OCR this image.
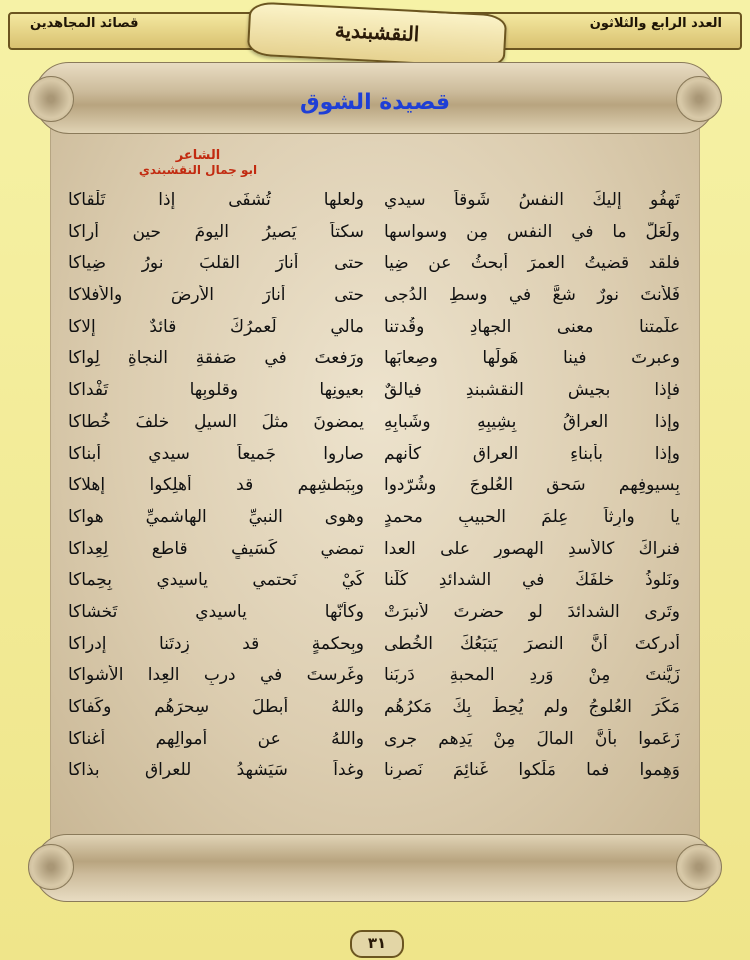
العدد الرابع والثلاثون
قصائد المجاهدين	النقشبندية
قصيدة الشوق
الشاعر
ابو جمال النقشبندي
تَهفُو إليكَ النفسُ شَوقاً سيدي
ولعلها تُشفَى إذا تَلْقاكا
ولَعَلّ ما في النفسِ مِن وسواسها
سكتاً يَصيرُ اليومَ حين أراكا
فلقد قضيتُ العمرَ أبحثُ عن ضِيا
حتى أنارَ القلبَ نورُ ضِياكا
فَلأنتَ نورٌ شعَّ في وسطِ الدُجى
حتى أنارَ الأرضَ والأفلاكا
علّمتنا معنى الجهادِ وقُدتنا
مالي لَعمرُكَ قائدٌ إلاكا
وعبرتَ فينا هَولَها وصِعابَها
ورَفعتَ في صَفقةِ النجاةِ لِواكا
فإذا بجيشِ النقشبندِ فيالقٌ
بعيونِها وقلوبِها تَفْداكا
وإذا العراقُ بِشِيبِهِ وشَبابِهِ
يمضونَ مثلَ السيلِ خلفَ خُطاكا
وإذا بأبناءِ العراقِ كأنهم
صاروا جَميعاً سيدي أبناكا
بِسيوفِهِم سَحقِ العُلوجَ وشُرّدوا
وبِبَطشِهِم قد أهلِكوا إهلاكا
يا وارِثاً عِلمَ الحبيبِ محمدٍ
وهوى النبيِّ الهاشميِّ هواكا
فنراكَ كالأسدِ الهصورِ على العدا
تمضي كَسَيفٍ قاطعٍ لِعِداكا
ونَلوذُ خلفَكَ في الشدائدِ كُلّنا
كَيْ نَحتمي ياسيدي بِحِماكا
وتَرى الشدائدَ لو حضرتَ لأنبرَتْ
وكأنّها ياسيدي تَخشاكا
أدركتَ أنَّ النصرَ يَتبَعُكَ الخُطى
وبِحكمةٍ قد زِدتَنا إدراكا
زَيَّنتَ مِنْ وَردِ المحبةِ دَربَنا
وغَرستَ في دربِ العِدا الأشواكا
مَكَرَ العُلوجُ ولم يُحِطْ بِكَ مَكرُهُم
واللهُ أبطلَ سِحرَهُم وكَفاكا
زَعَموا بأنَّ المالَ مِنْ يَدِهم جرى
واللهُ عن أموالِهِم أغناكا
وَهِموا فما مَلَكوا غَنائِمَ نَصرِنا
وغداً سَيَشهدُ للعراق بذاكا
٣١
